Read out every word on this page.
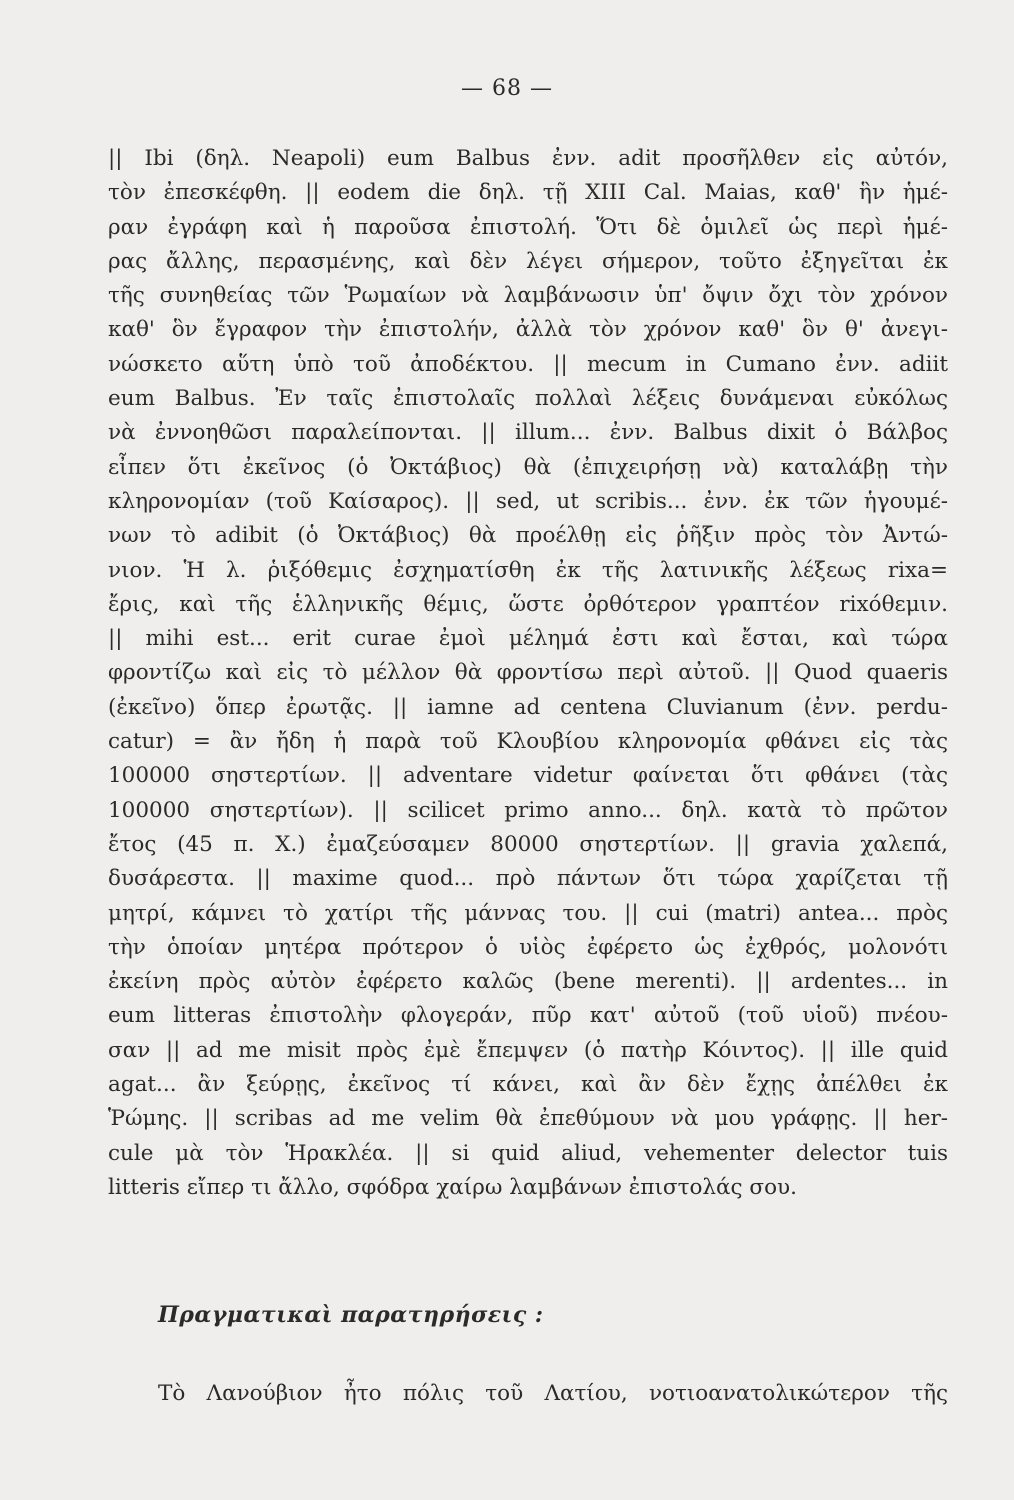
— 68 —
|| Ibi (δηλ. Neapoli) eum Balbus ἐνν. adit προσῆλθεν εἰς αὐτόν,
τὸν ἐπεσκέφθη. || eodem die δηλ. τῇ XIII Cal. Maias, καθ' ἣν ἡμέ-
ραν ἐγράφη καὶ ἡ παροῦσα ἐπιστολή. Ὅτι δὲ ὁμιλεῖ ὡς περὶ ἡμέ-
ρας ἄλλης, περασμένης, καὶ δὲν λέγει σήμερον, τοῦτο ἐξηγεῖται ἐκ
τῆς συνηθείας τῶν Ῥωμαίων νὰ λαμβάνωσιν ὑπ' ὄψιν ὄχι τὸν χρόνον
καθ' ὃν ἔγραφον τὴν ἐπιστολήν, ἀλλὰ τὸν χρόνον καθ' ὃν θ' ἀνεγι-
νώσκετο αὕτη ὑπὸ τοῦ ἀποδέκτου. || mecum in Cumano ἐνν. adiit
eum Balbus. Ἐν ταῖς ἐπιστολαῖς πολλαὶ λέξεις δυνάμεναι εὐκόλως
νὰ ἐννοηθῶσι παραλείπονται. || illum... ἐνν. Balbus dixit ὁ Βάλβος
εἶπεν ὅτι ἐκεῖνος (ὁ Ὀκτάβιος) θὰ (ἐπιχειρήσῃ νὰ) καταλάβῃ τὴν
κληρονομίαν (τοῦ Καίσαρος). || sed, ut scribis... ἐνν. ἐκ τῶν ἡγουμέ-
νων τὸ adibit (ὁ Ὀκτάβιος) θὰ προέλθῃ εἰς ῥῆξιν πρὸς τὸν Ἀντώ-
νιον. Ἡ λ. ῥιξόθεμις ἐσχηματίσθη ἐκ τῆς λατινικῆς λέξεως rixa=
ἔρις, καὶ τῆς ἑλληνικῆς θέμις, ὥστε ὀρθότερον γραπτέον rixόθεμιν.
|| mihi est... erit curae ἐμοὶ μέλημά ἐστι καὶ ἔσται, καὶ τώρα
φροντίζω καὶ εἰς τὸ μέλλον θὰ φροντίσω περὶ αὐτοῦ. || Quod quaeris
(ἐκεῖνο) ὅπερ ἐρωτᾷς. || iamne ad centena Cluvianum (ἐνν. perdu-
catur) = ἂν ἤδη ἡ παρὰ τοῦ Κλουβίου κληρονομία φθάνει εἰς τὰς
100000 σηστερτίων. || adventare videtur φαίνεται ὅτι φθάνει (τὰς
100000 σηστερτίων). || scilicet primo anno... δηλ. κατὰ τὸ πρῶτον
ἔτος (45 π. Χ.) ἐμαζεύσαμεν 80000 σηστερτίων. || gravia χαλεπά,
δυσάρεστα. || maxime quod... πρὸ πάντων ὅτι τώρα χαρίζεται τῇ
μητρί, κάμνει τὸ χατίρι τῆς μάννας του. || cui (matri) antea... πρὸς
τὴν ὁποίαν μητέρα πρότερον ὁ υἱὸς ἐφέρετο ὡς ἐχθρός, μολονότι
ἐκείνη πρὸς αὐτὸν ἐφέρετο καλῶς (bene merenti). || ardentes... in
eum litteras ἐπιστολὴν φλογεράν, πῦρ κατ' αὐτοῦ (τοῦ υἱοῦ) πνέου-
σαν || ad me misit πρὸς ἐμὲ ἔπεμψεν (ὁ πατὴρ Κόιντος). || ille quid
agat... ἂν ξεύρῃς, ἐκεῖνος τί κάνει, καὶ ἂν δὲν ἔχῃς ἀπέλθει ἐκ
Ῥώμης. || scribas ad me velim θὰ ἐπεθύμουν νὰ μου γράφῃς. || her-
cule μὰ τὸν Ἡρακλέα. || si quid aliud, vehementer delector tuis
litteris εἴπερ τι ἄλλο, σφόδρα χαίρω λαμβάνων ἐπιστολάς σου.
Πραγματικαὶ παρατηρήσεις :
Τὸ Λανούβιον ἦτο πόλις τοῦ Λατίου, νοτιοανατολικώτερον τῆς
